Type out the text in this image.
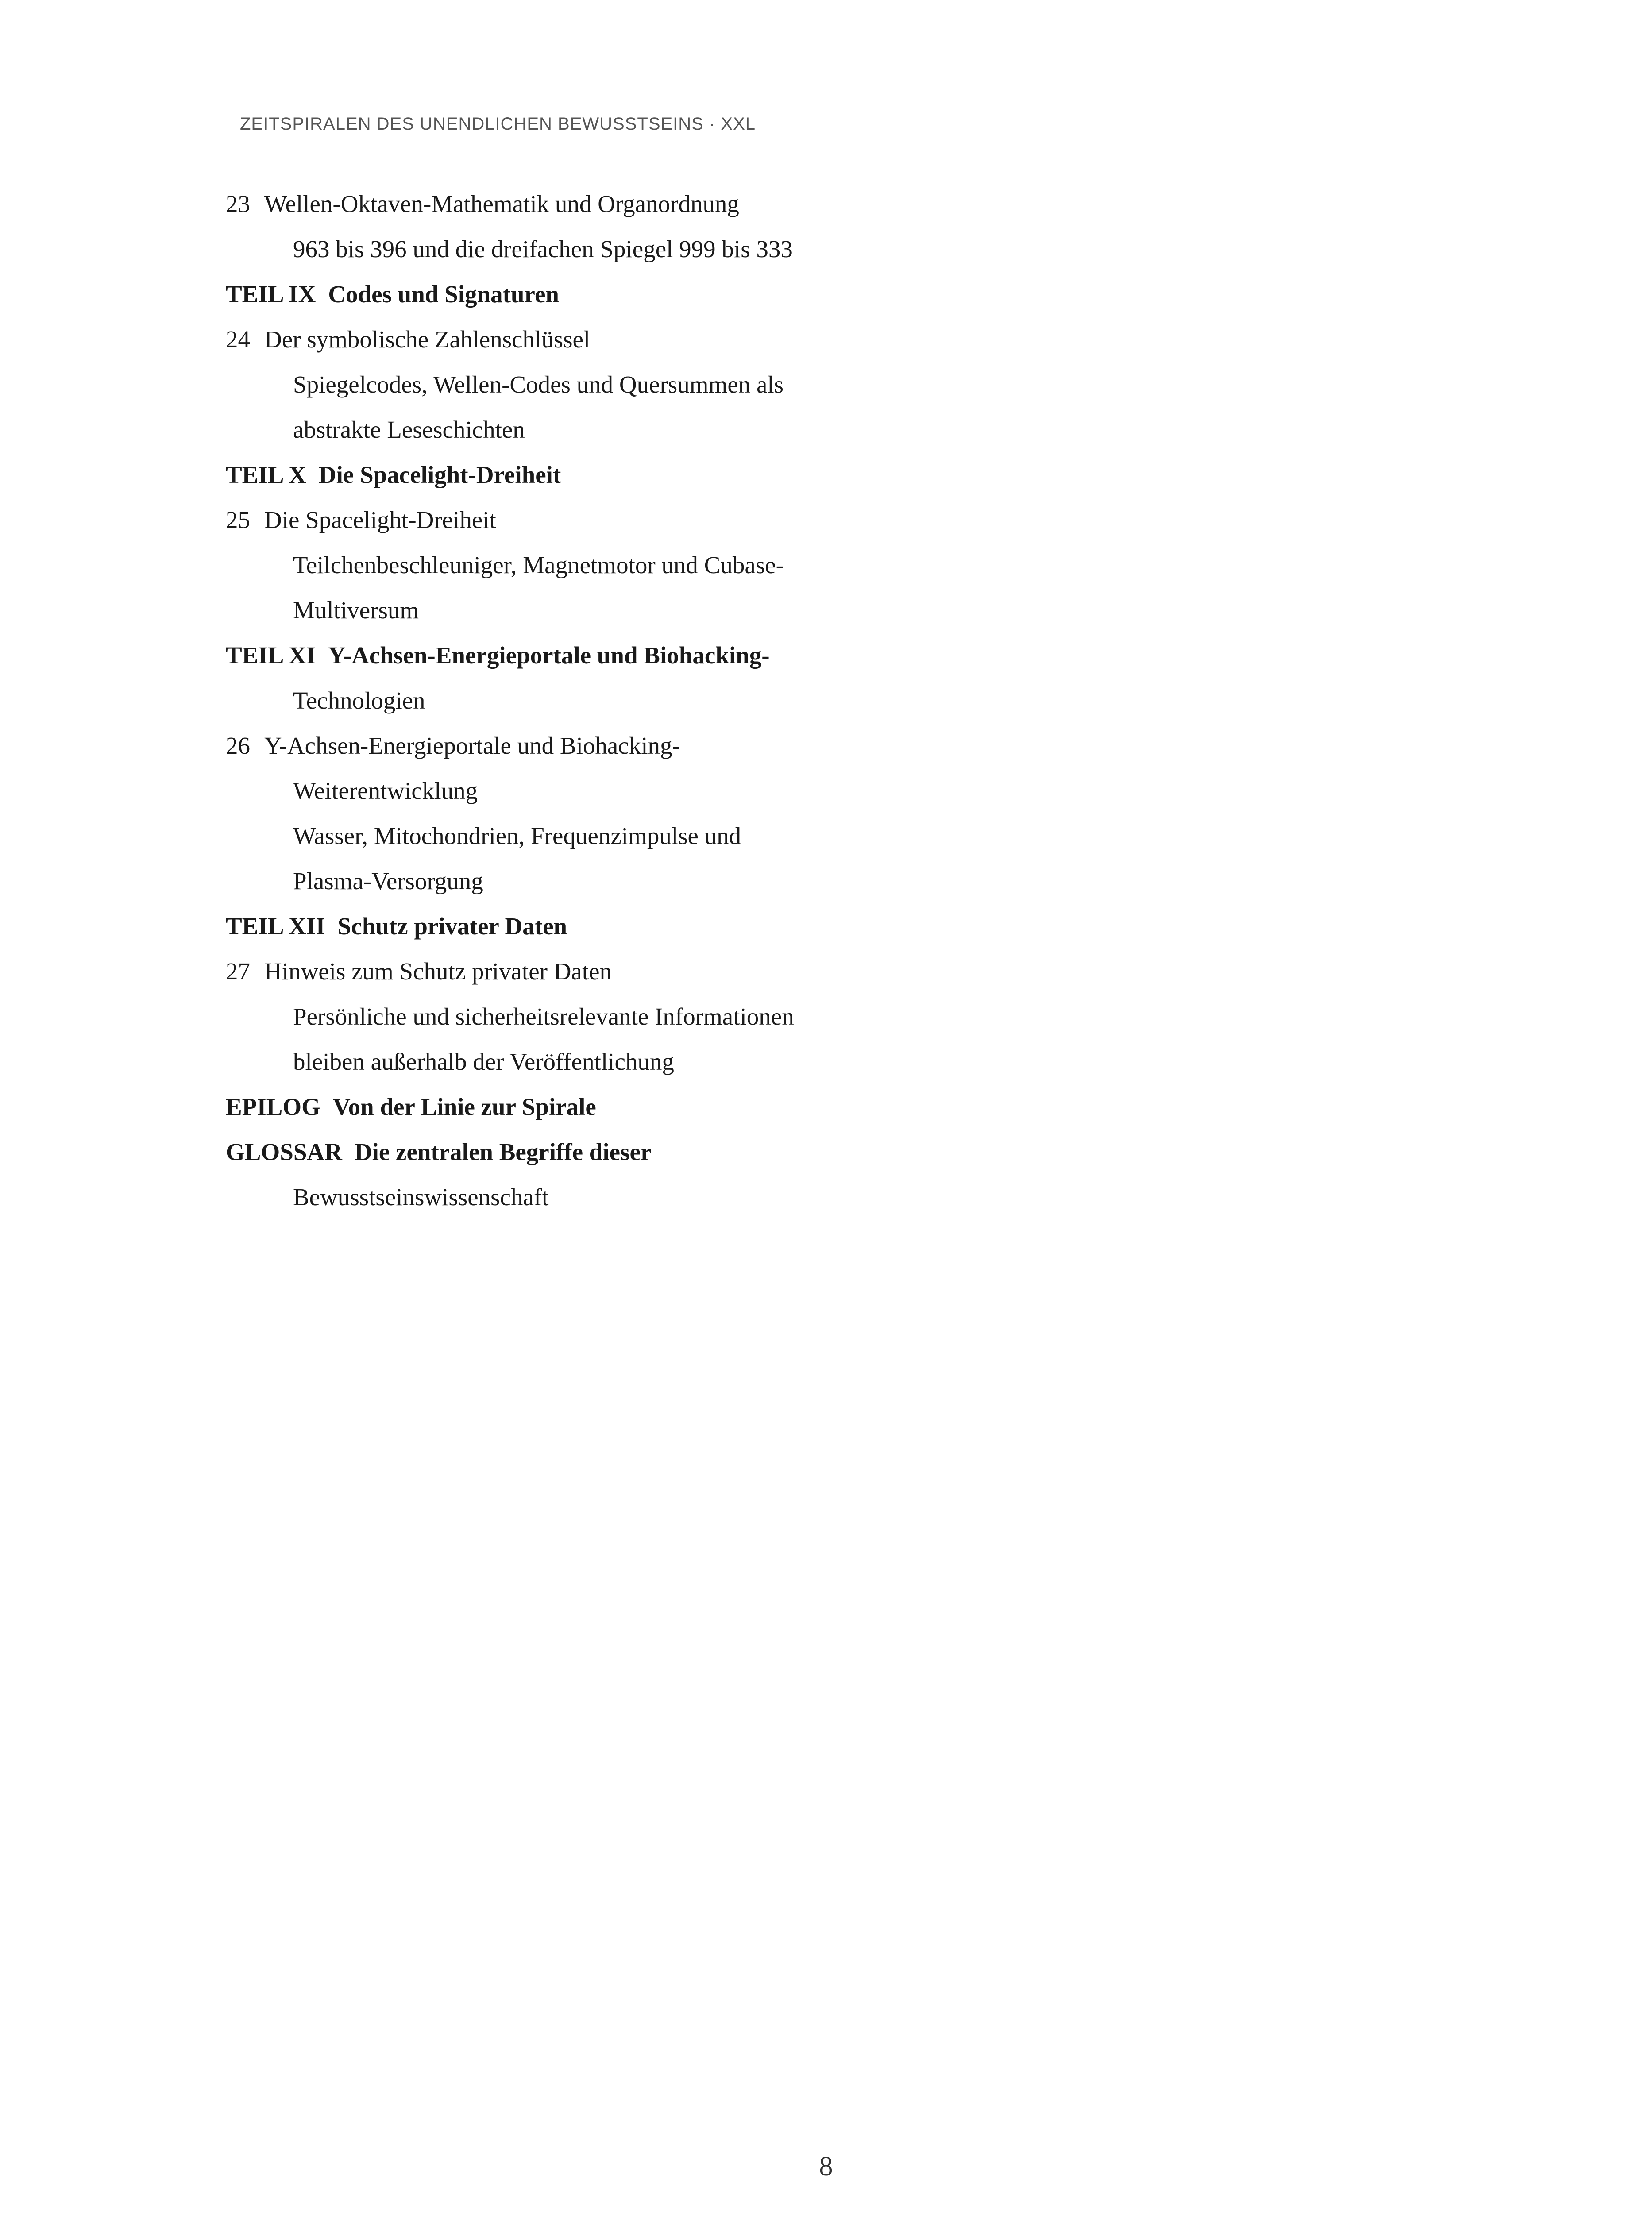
ZEITSPIRALEN DES UNENDLICHEN BEWUSSTSEINS · XXL
23 Wellen-Oktaven-Mathematik und Organordnung
963 bis 396 und die dreifachen Spiegel 999 bis 333
TEIL IX Codes und Signaturen
24 Der symbolische Zahlenschlüssel
Spiegelcodes, Wellen-Codes und Quersummen als
abstrakte Leseschichten
TEIL X Die Spacelight-Dreiheit
25 Die Spacelight-Dreiheit
Teilchenbeschleuniger, Magnetmotor und Cubase-
Multiversum
TEIL XI Y-Achsen-Energieportale und Biohacking-
Technologien
26 Y-Achsen-Energieportale und Biohacking-
Weiterentwicklung
Wasser, Mitochondrien, Frequenzimpulse und
Plasma-Versorgung
TEIL XII Schutz privater Daten
27 Hinweis zum Schutz privater Daten
Persönliche und sicherheitsrelevante Informationen
bleiben außerhalb der Veröffentlichung
EPILOG Von der Linie zur Spirale
GLOSSAR Die zentralen Begriffe dieser
Bewusstseinswissenschaft
8
